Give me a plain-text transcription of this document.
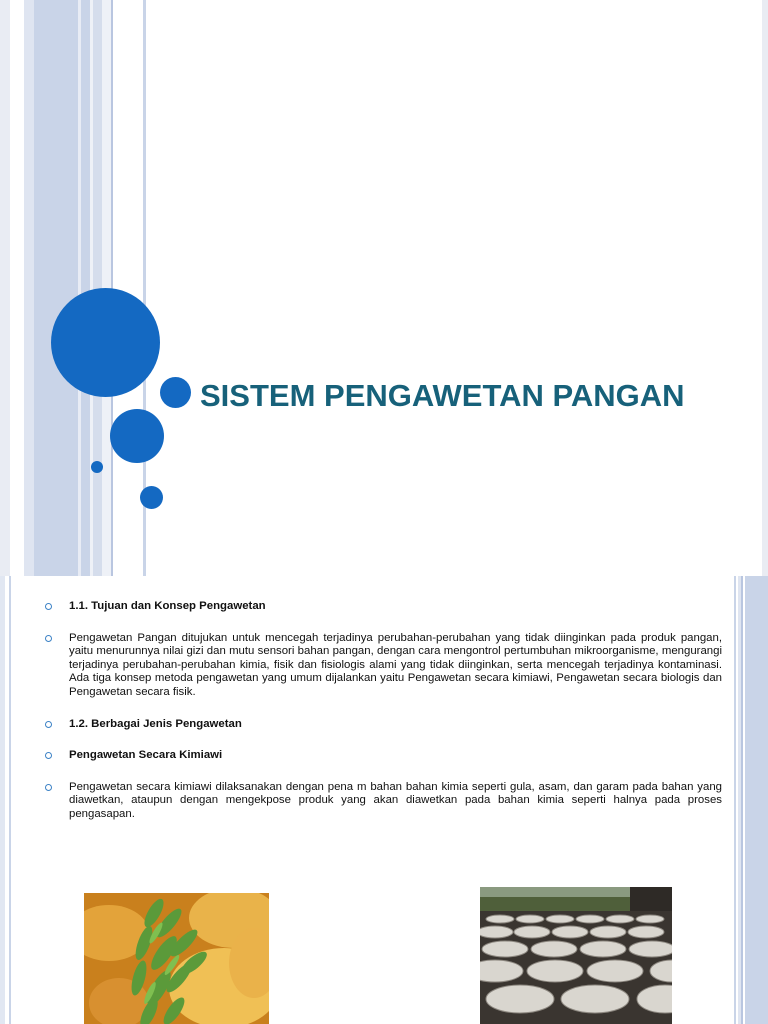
SISTEM PENGAWETAN PANGAN
1.1. Tujuan dan Konsep Pengawetan
Pengawetan Pangan ditujukan untuk mencegah terjadinya perubahan-perubahan yang tidak diinginkan pada produk pangan, yaitu menurunnya nilai gizi dan mutu sensori bahan pangan, dengan cara mengontrol pertumbuhan mikroorganisme, mengurangi terjadinya perubahan-perubahan kimia, fisik dan fisiologis alami yang tidak diinginkan, serta mencegah terjadinya kontaminasi. Ada tiga konsep metoda pengawetan yang umum dijalankan yaitu Pengawetan secara kimiawi, Pengawetan secara biologis dan Pengawetan secara fisik.
1.2. Berbagai Jenis Pengawetan
Pengawetan Secara Kimiawi
Pengawetan secara kimiawi dilaksanakan dengan pena m bahan bahan kimia seperti gula, asam, dan garam pada bahan yang diawetkan, ataupun dengan mengekpose produk yang akan diawetkan pada bahan kimia seperti halnya pada proses pengasapan.
